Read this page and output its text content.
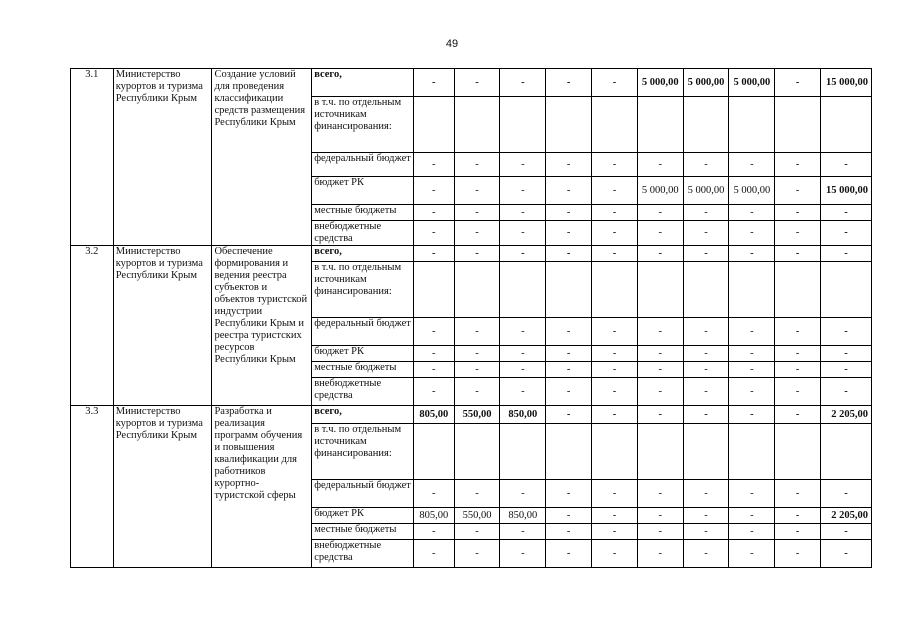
49
3.1	Министерство курортов и туризма Республики Крым	Создание условий для проведения классификации средств размещения Республики Крым	всего,	-	-	-	-	-	5 000,00	5 000,00	5 000,00	-	15 000,00
			в т.ч. по отдельным источникам финансирования:										
			федеральный бюджет	-	-	-	-	-	-	-	-	-	-
			бюджет РК	-	-	-	-	-	5 000,00	5 000,00	5 000,00	-	15 000,00
			местные бюджеты	-	-	-	-	-	-	-	-	-	-
			внебюджетные средства	-	-	-	-	-	-	-	-	-	-
3.2	Министерство курортов и туризма Республики Крым	Обеспечение формирования и ведения реестра субъектов и объектов туристской индустрии Республики Крым и реестра туристских ресурсов Республики Крым	всего,	-	-	-	-	-	-	-	-	-	-
			в т.ч. по отдельным источникам финансирования:										
			федеральный бюджет	-	-	-	-	-	-	-	-	-	-
			бюджет РК	-	-	-	-	-	-	-	-	-	-
			местные бюджеты	-	-	-	-	-	-	-	-	-	-
			внебюджетные средства	-	-	-	-	-	-	-	-	-	-
3.3	Министерство курортов и туризма Республики Крым	Разработка и реализация программ обучения и повышения квалификации для работников курортно-туристской сферы	всего,	805,00	550,00	850,00	-	-	-	-	-	-	2 205,00
			в т.ч. по отдельным источникам финансирования:										
			федеральный бюджет	-	-	-	-	-	-	-	-	-	-
			бюджет РК	805,00	550,00	850,00	-	-	-	-	-	-	2 205,00
			местные бюджеты	-	-	-	-	-	-	-	-	-	-
			внебюджетные средства	-	-	-	-	-	-	-	-	-	-
